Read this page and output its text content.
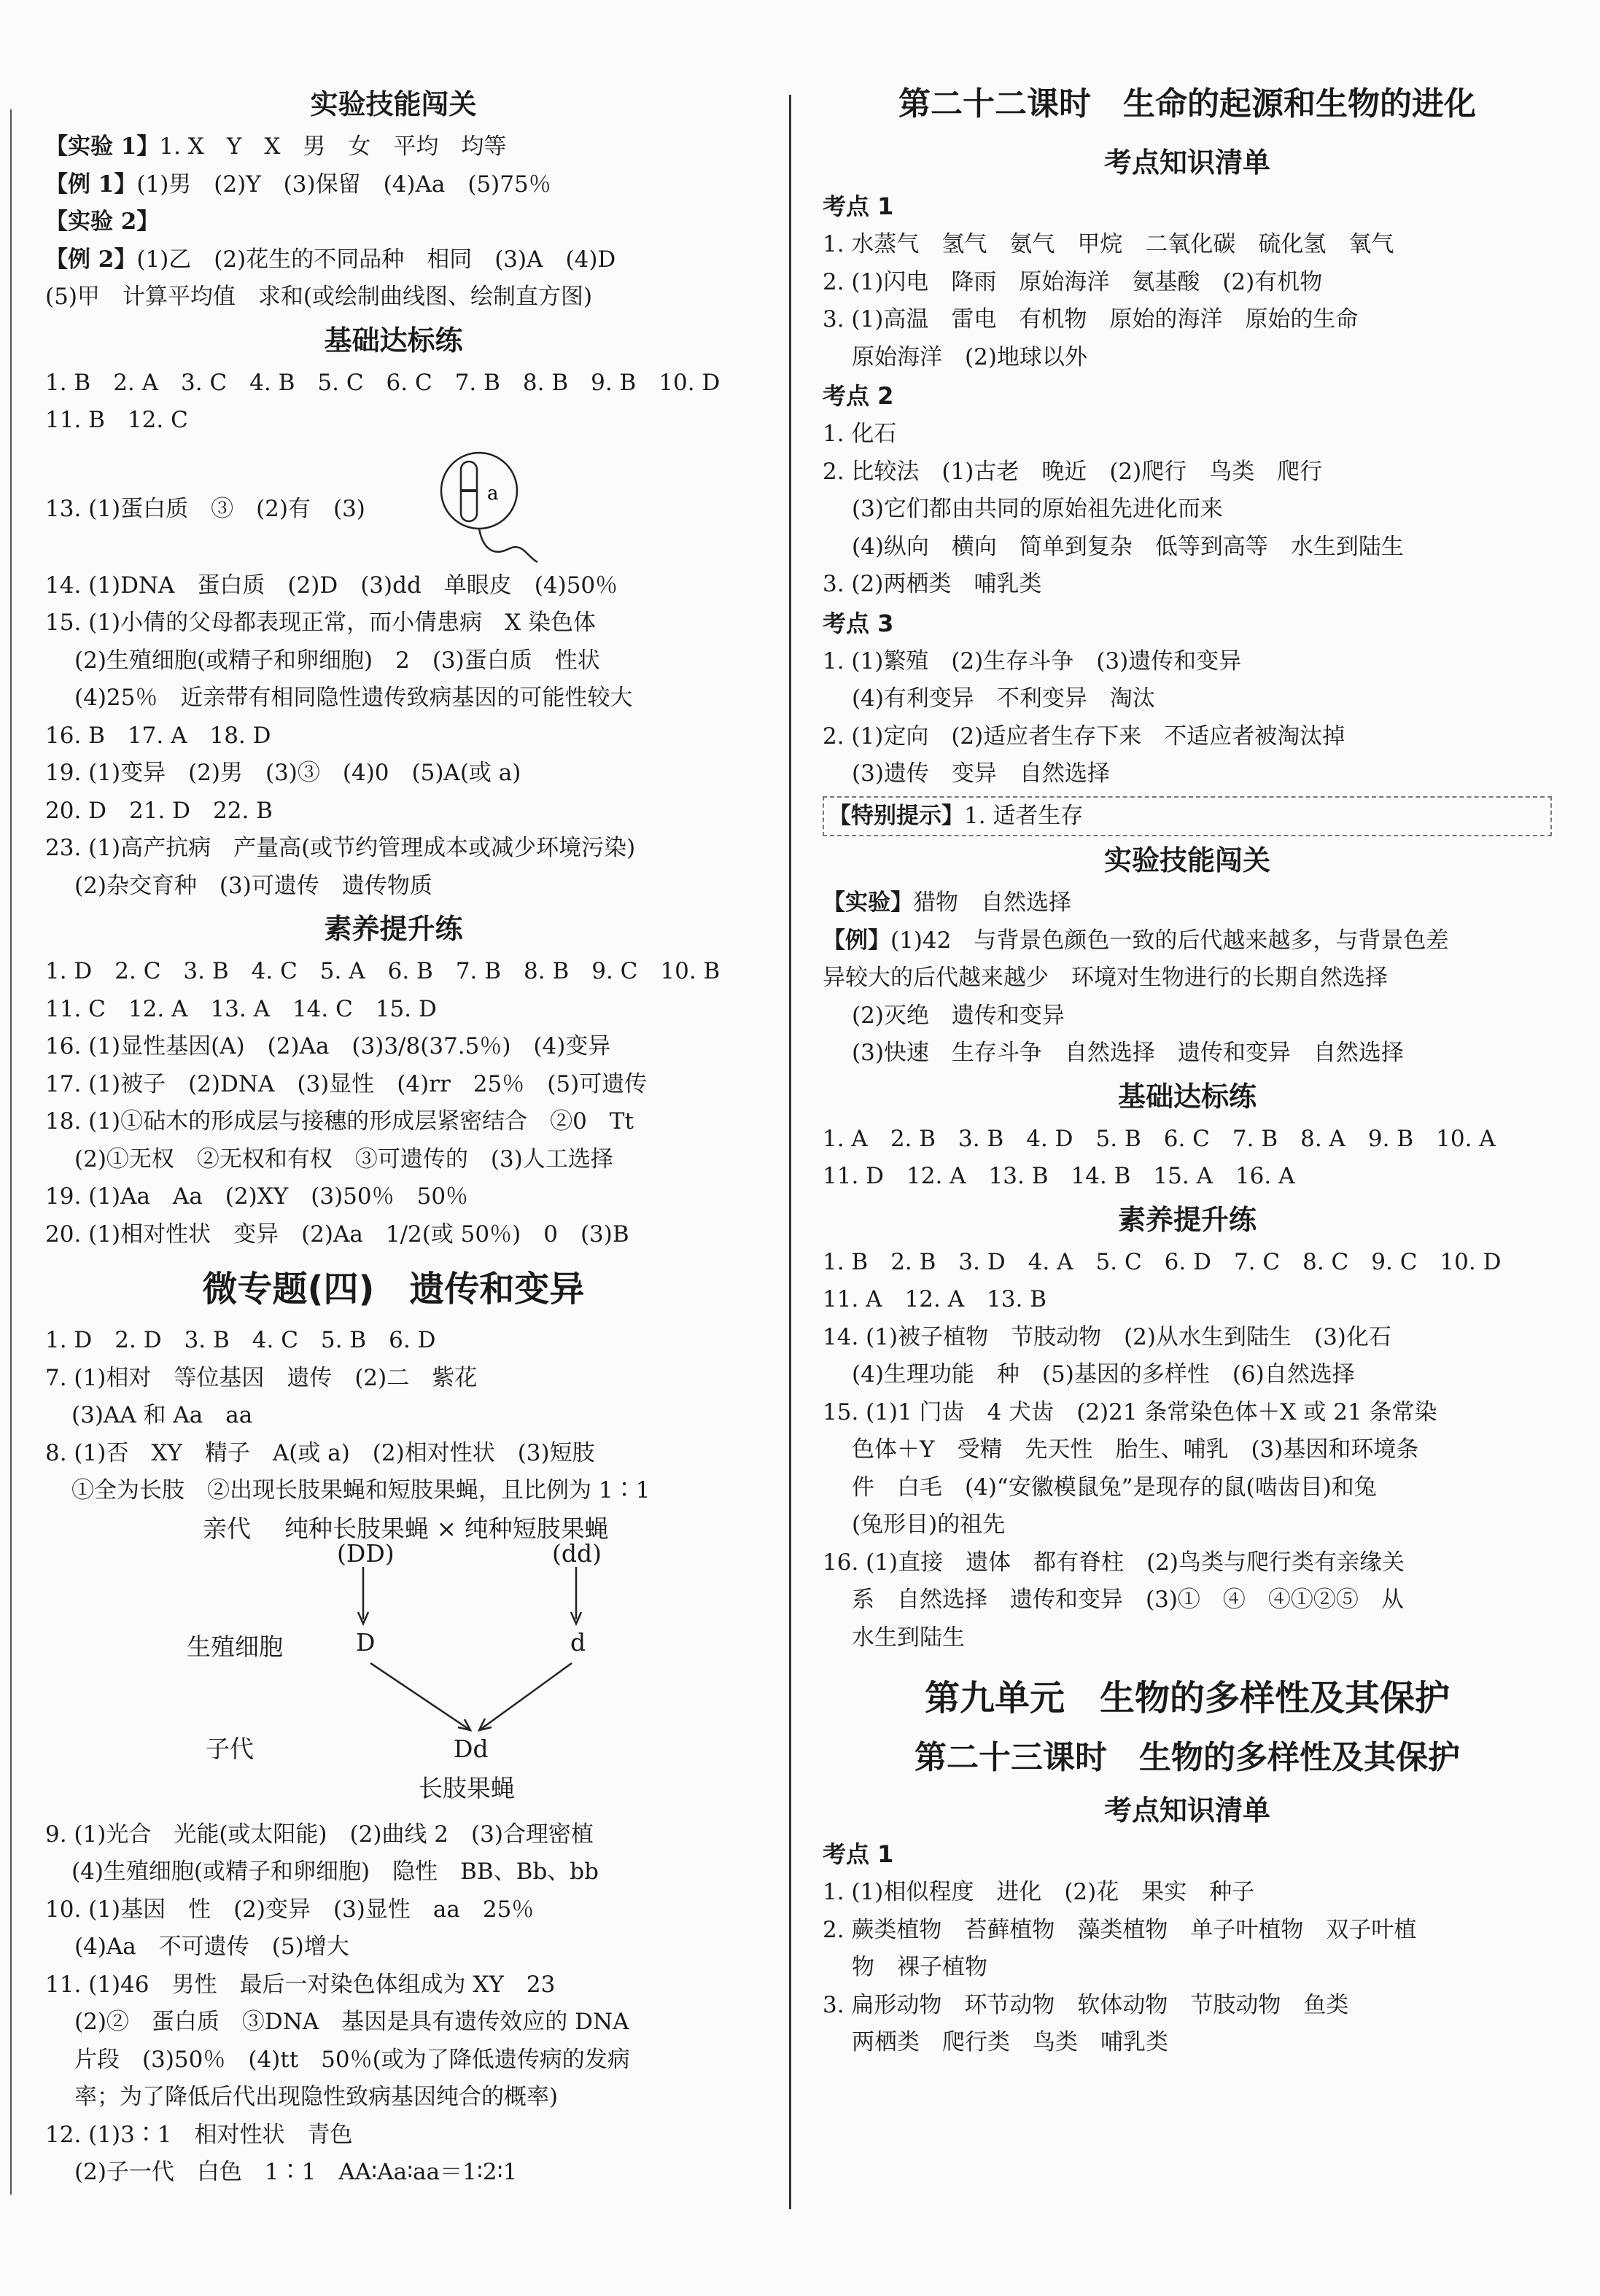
实验技能闯关
【实验 1】1. X　Y　X　男　女　平均　均等
【例 1】(1)男　(2)Y　(3)保留　(4)Aa　(5)75％
【实验 2】
【例 2】(1)乙　(2)花生的不同品种　相同　(3)A　(4)D
(5)甲　计算平均值　求和(或绘制曲线图、绘制直方图)
基础达标练
1. B　2. A　3. C　4. B　5. C　6. C　7. B　8. B　9. B　10. D
11. B　12. C
13. (1)蛋白质　③　(2)有　(3)
a
14. (1)DNA　蛋白质　(2)D　(3)dd　单眼皮　(4)50％
15. (1)小倩的父母都表现正常，而小倩患病　X 染色体
(2)生殖细胞(或精子和卵细胞)　2　(3)蛋白质　性状
(4)25％　近亲带有相同隐性遗传致病基因的可能性较大
16. B　17. A　18. D
19. (1)变异　(2)男　(3)③　(4)0　(5)A(或 a)
20. D　21. D　22. B
23. (1)高产抗病　产量高(或节约管理成本或减少环境污染)
(2)杂交育种　(3)可遗传　遗传物质
素养提升练
1. D　2. C　3. B　4. C　5. A　6. B　7. B　8. B　9. C　10. B
11. C　12. A　13. A　14. C　15. D
16. (1)显性基因(A)　(2)Aa　(3)3/8(37.5％)　(4)变异
17. (1)被子　(2)DNA　(3)显性　(4)rr　25％　(5)可遗传
18. (1)①砧木的形成层与接穗的形成层紧密结合　②0　Tt
(2)①无权　②无权和有权　③可遗传的　(3)人工选择
19. (1)Aa　Aa　(2)XY　(3)50％　50％
20. (1)相对性状　变异　(2)Aa　1/2(或 50％)　0　(3)B
微专题(四)　遗传和变异
1. D　2. D　3. B　4. C　5. B　6. D
7. (1)相对　等位基因　遗传　(2)二　紫花
(3)AA 和 Aa　aa
8. (1)否　XY　精子　A(或 a)　(2)相对性状　(3)短肢
①全为长肢　②出现长肢果蝇和短肢果蝇，且比例为 1∶1
亲代 纯种长肢果蝇 × 纯种短肢果蝇
(DD)	(dd)
生殖细胞	D	d
子代	Dd
长肢果蝇
9. (1)光合　光能(或太阳能)　(2)曲线 2　(3)合理密植
(4)生殖细胞(或精子和卵细胞)　隐性　BB、Bb、bb
10. (1)基因　性　(2)变异　(3)显性　aa　25％
(4)Aa　不可遗传　(5)增大
11. (1)46　男性　最后一对染色体组成为 XY　23
(2)②　蛋白质　③DNA　基因是具有遗传效应的 DNA
片段　(3)50％　(4)tt　50％(或为了降低遗传病的发病
率；为了降低后代出现隐性致病基因纯合的概率)
12. (1)3∶1　相对性状　青色
(2)子一代　白色　1∶1　AA∶Aa∶aa＝1∶2∶1
第二十二课时　生命的起源和生物的进化
考点知识清单
考点 1
1. 水蒸气　氢气　氨气　甲烷　二氧化碳　硫化氢　氧气
2. (1)闪电　降雨　原始海洋　氨基酸　(2)有机物
3. (1)高温　雷电　有机物　原始的海洋　原始的生命
原始海洋　(2)地球以外
考点 2
1. 化石
2. 比较法　(1)古老　晚近　(2)爬行　鸟类　爬行
(3)它们都由共同的原始祖先进化而来
(4)纵向　横向　简单到复杂　低等到高等　水生到陆生
3. (2)两栖类　哺乳类
考点 3
1. (1)繁殖　(2)生存斗争　(3)遗传和变异
(4)有利变异　不利变异　淘汰
2. (1)定向　(2)适应者生存下来　不适应者被淘汰掉
(3)遗传　变异　自然选择
【特别提示】1. 适者生存
实验技能闯关
【实验】猎物　自然选择
【例】(1)42　与背景色颜色一致的后代越来越多，与背景色差
异较大的后代越来越少　环境对生物进行的长期自然选择
(2)灭绝　遗传和变异
(3)快速　生存斗争　自然选择　遗传和变异　自然选择
基础达标练
1. A　2. B　3. B　4. D　5. B　6. C　7. B　8. A　9. B　10. A
11. D　12. A　13. B　14. B　15. A　16. A
素养提升练
1. B　2. B　3. D　4. A　5. C　6. D　7. C　8. C　9. C　10. D
11. A　12. A　13. B
14. (1)被子植物　节肢动物　(2)从水生到陆生　(3)化石
(4)生理功能　种　(5)基因的多样性　(6)自然选择
15. (1)1 门齿　4 犬齿　(2)21 条常染色体＋X 或 21 条常染
色体＋Y　受精　先天性　胎生、哺乳　(3)基因和环境条
件　白毛　(4)“安徽模鼠兔”是现存的鼠(啮齿目)和兔
(兔形目)的祖先
16. (1)直接　遗体　都有脊柱　(2)鸟类与爬行类有亲缘关
系　自然选择　遗传和变异　(3)①　④　④①②⑤　从
水生到陆生
第九单元　生物的多样性及其保护
第二十三课时　生物的多样性及其保护
考点知识清单
考点 1
1. (1)相似程度　进化　(2)花　果实　种子
2. 蕨类植物　苔藓植物　藻类植物　单子叶植物　双子叶植
物　裸子植物
3. 扁形动物　环节动物　软体动物　节肢动物　鱼类
两栖类　爬行类　鸟类　哺乳类
